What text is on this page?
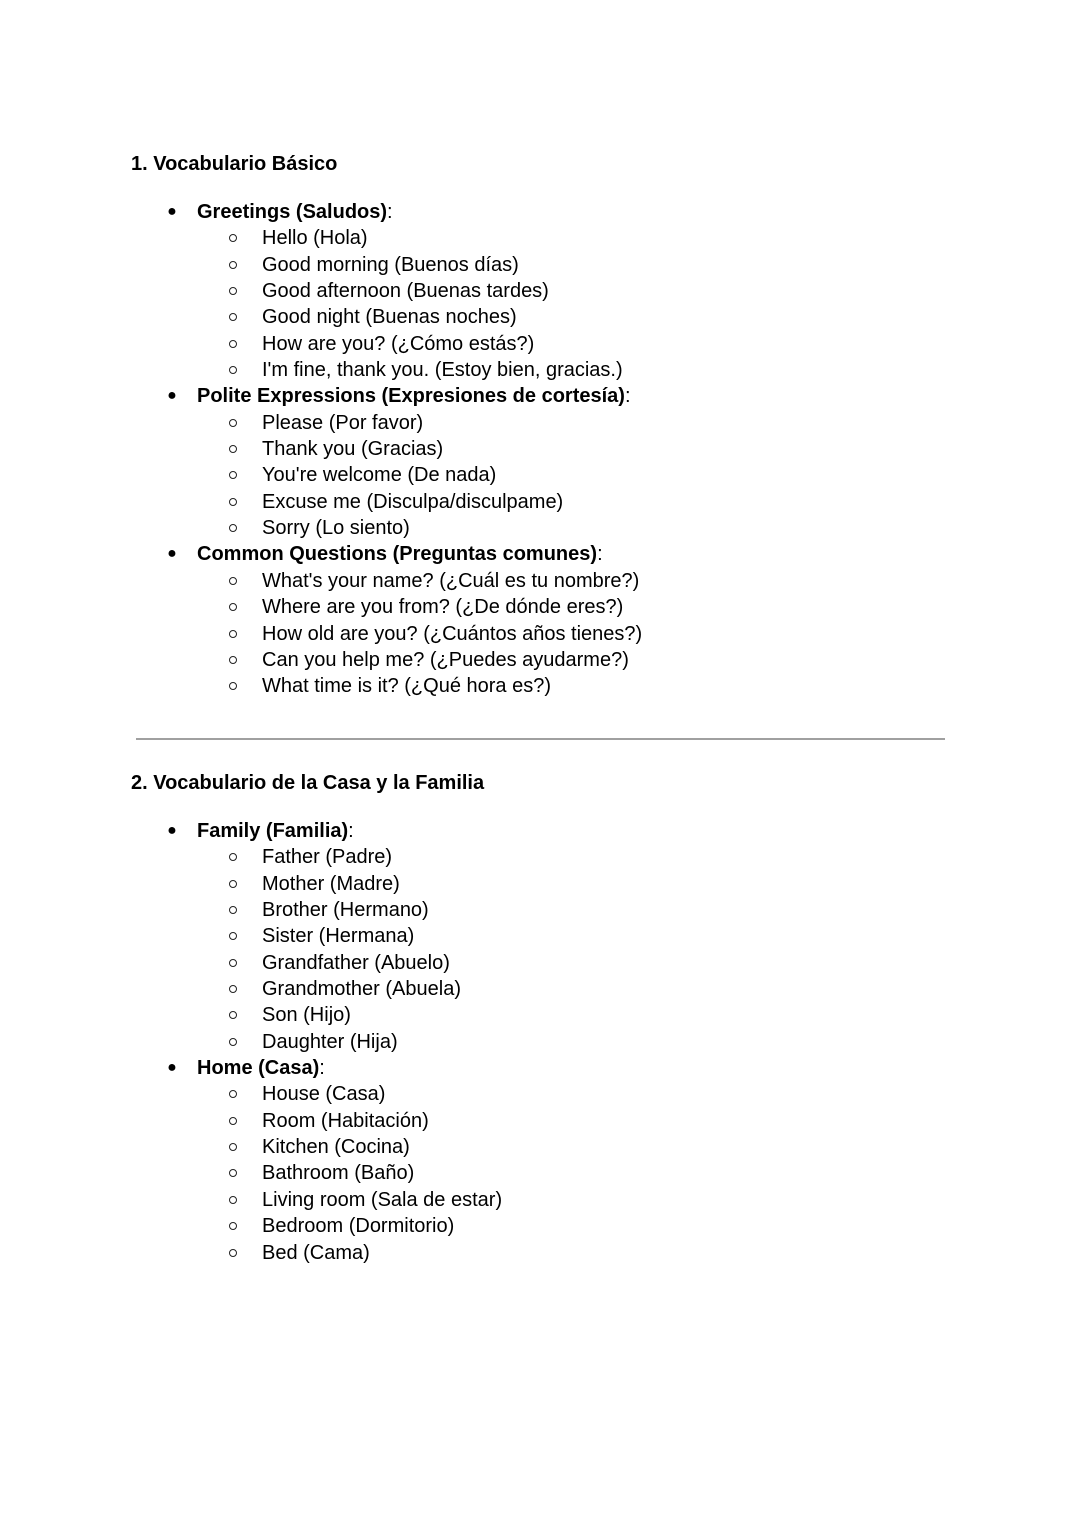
1. Vocabulario Básico
● Greetings (Saludos):
Hello (Hola)
Good morning (Buenos días)
Good afternoon (Buenas tardes)
Good night (Buenas noches)
How are you? (¿Cómo estás?)
I'm fine, thank you. (Estoy bien, gracias.)
● Polite Expressions (Expresiones de cortesía):
Please (Por favor)
Thank you (Gracias)
You're welcome (De nada)
Excuse me (Disculpa/disculpame)
Sorry (Lo siento)
● Common Questions (Preguntas comunes):
What's your name? (¿Cuál es tu nombre?)
Where are you from? (¿De dónde eres?)
How old are you? (¿Cuántos años tienes?)
Can you help me? (¿Puedes ayudarme?)
What time is it? (¿Qué hora es?)
2. Vocabulario de la Casa y la Familia
● Family (Familia):
Father (Padre)
Mother (Madre)
Brother (Hermano)
Sister (Hermana)
Grandfather (Abuelo)
Grandmother (Abuela)
Son (Hijo)
Daughter (Hija)
● Home (Casa):
House (Casa)
Room (Habitación)
Kitchen (Cocina)
Bathroom (Baño)
Living room (Sala de estar)
Bedroom (Dormitorio)
Bed (Cama)
